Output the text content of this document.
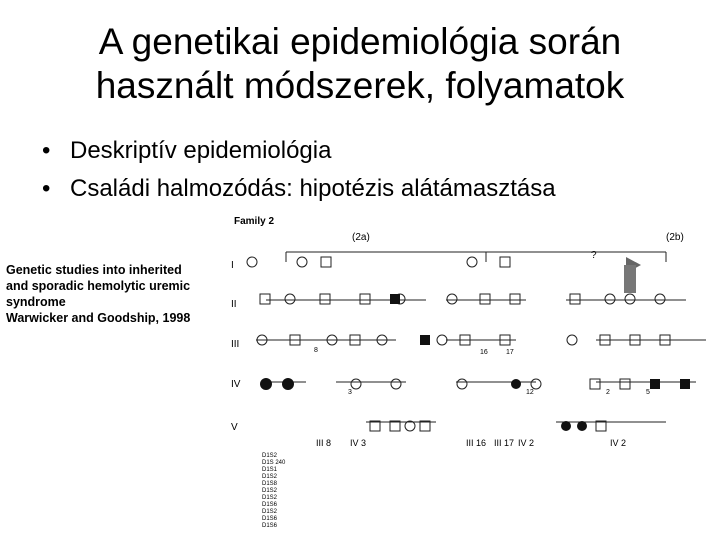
A genetikai epidemiológia során
használt módszerek, folyamatok
• Deskriptív epidemiológia
• Családi halmozódás: hipotézis alátámasztása
Genetic studies into inherited
and sporadic hemolytic uremic
syndrome
Warwicker and Goodship, 1998
Family 2
(2a)	(2b)
?
I
II
III
IV
V
III 8 IV 3	III 16 III 17 IV 2	IV 2
D1S2
D1S 240
D1S1
D1S2
D1S8
D1S2
D1S2
D1S6
D1S2
D1S6
D1S6
8	16	17
3	12	2	5
